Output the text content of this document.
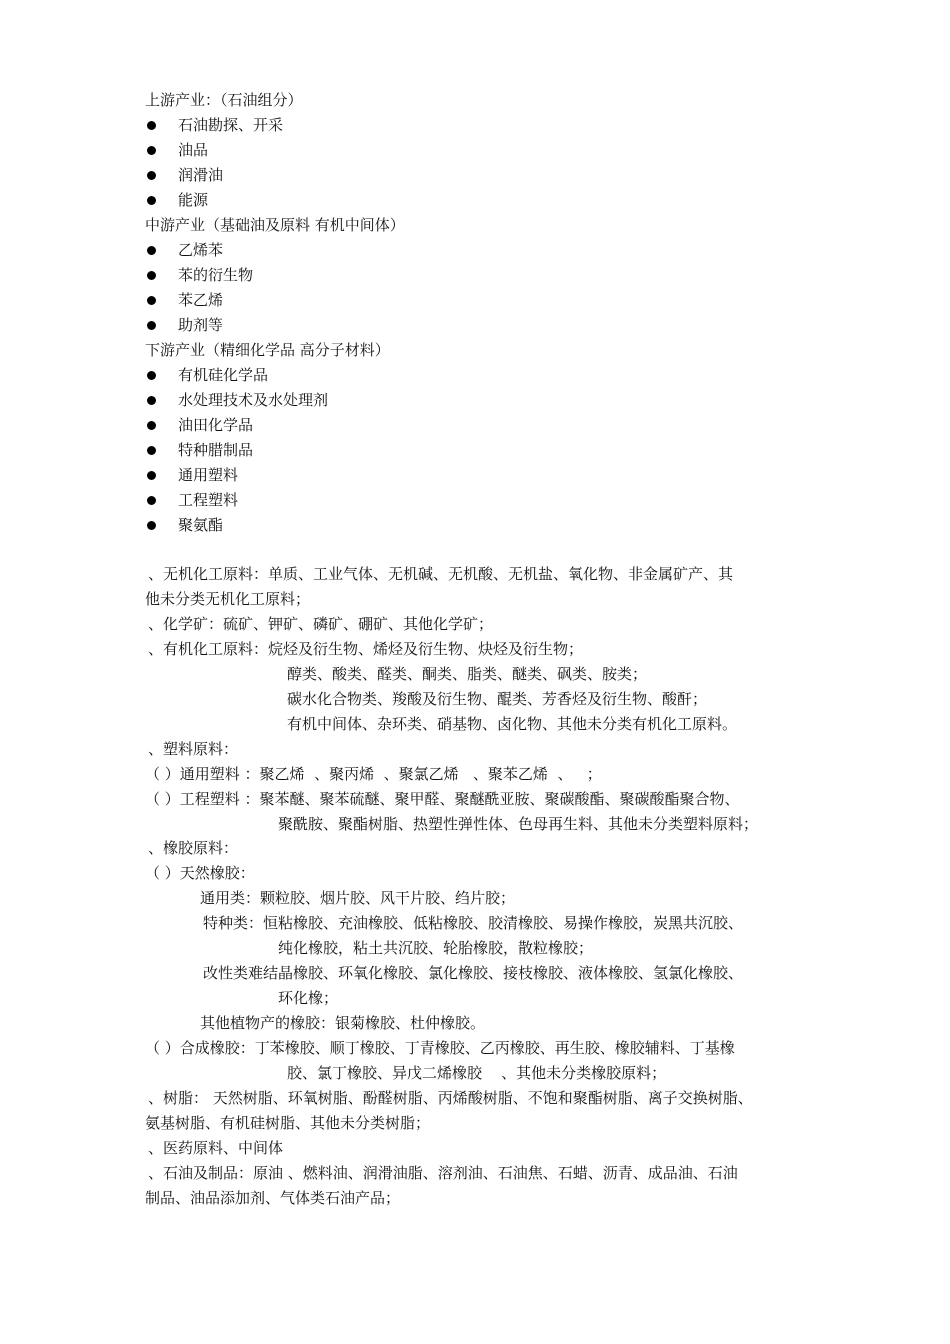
上游产业：（石油组分）
石油勘探、开采
油品
润滑油
能源
中游产业（基础油及原料 有机中间体）
乙烯苯
苯的衍生物
苯乙烯
助剂等
下游产业（精细化学品 高分子材料）
有机硅化学品
水处理技术及水处理剂
油田化学品
特种腊制品
通用塑料
工程塑料
聚氨酯
、无机化工原料：单质、工业气体、无机碱、无机酸、无机盐、氧化物、非金属矿产、其
他未分类无机化工原料；
、化学矿：硫矿、钾矿、磷矿、硼矿、其他化学矿；
、有机化工原料：烷烃及衍生物、烯烃及衍生物、炔烃及衍生物；
醇类、酸类、醛类、酮类、脂类、醚类、砜类、胺类；
碳水化合物类、羧酸及衍生物、醌类、芳香烃及衍生物、酸酐；
有机中间体、杂环类、硝基物、卤化物、其他未分类有机化工原料。
、塑料原料：
（ ）通用塑料 ：聚乙烯  、聚丙烯  、聚氯乙烯   、聚苯乙烯  、   ；
（ ）工程塑料 ：聚苯醚、聚苯硫醚、聚甲醛、聚醚酰亚胺、聚碳酸酯、聚碳酸酯聚合物、
聚酰胺、聚酯树脂、热塑性弹性体、色母再生料、其他未分类塑料原料；
、橡胶原料：
（ ）天然橡胶：
通用类：颗粒胶、烟片胶、风干片胶、绉片胶；
特种类：恒粘橡胶、充油橡胶、低粘橡胶、胶清橡胶、易操作橡胶，炭黑共沉胶、
纯化橡胶，粘土共沉胶、轮胎橡胶，散粒橡胶；
改性类难结晶橡胶、环氧化橡胶、氯化橡胶、接枝橡胶、液体橡胶、氢氯化橡胶、
环化橡；
其他植物产的橡胶：银菊橡胶、杜仲橡胶。
（ ）合成橡胶：丁苯橡胶、顺丁橡胶、丁青橡胶、乙丙橡胶、再生胶、橡胶辅料、丁基橡
胶、氯丁橡胶、异戊二烯橡胶    、其他未分类橡胶原料；
、树脂： 天然树脂、环氧树脂、酚醛树脂、丙烯酸树脂、不饱和聚酯树脂、离子交换树脂、
氨基树脂、有机硅树脂、其他未分类树脂；
、医药原料、中间体
、石油及制品：原油 、燃料油、润滑油脂、溶剂油、石油焦、石蜡、沥青、成品油、石油
制品、油品添加剂、气体类石油产品；
